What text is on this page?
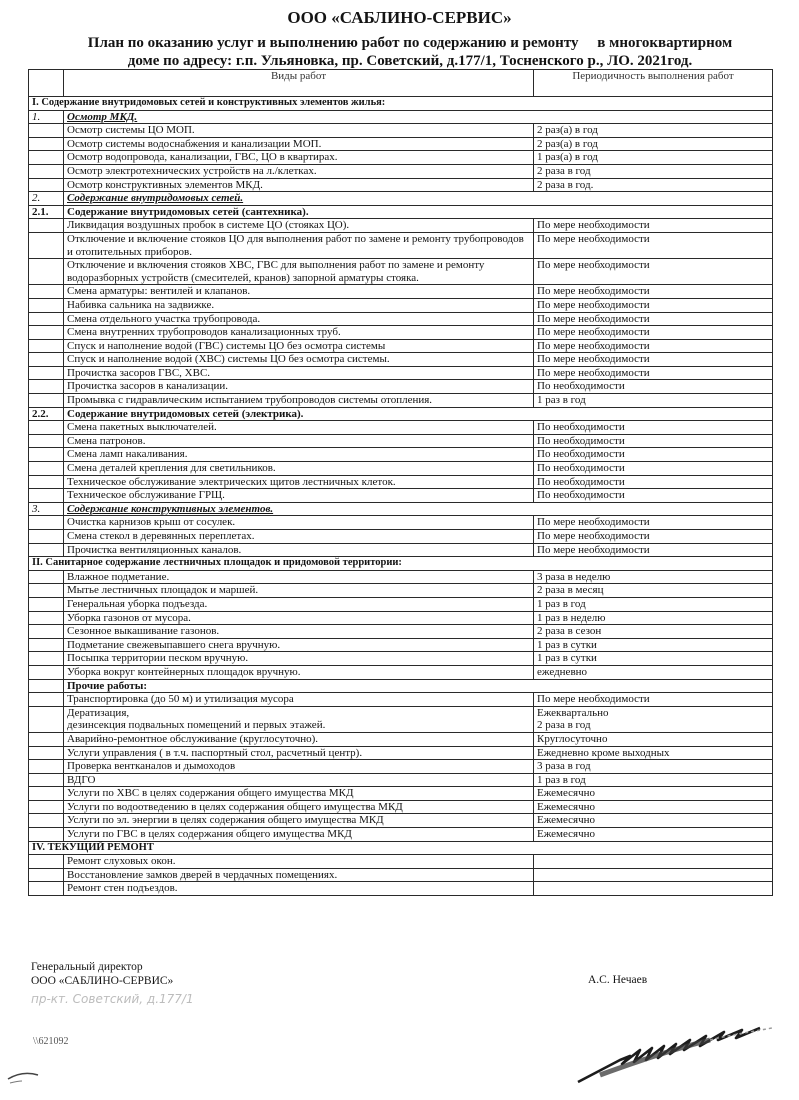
ООО «САБЛИНО-СЕРВИС»
План по оказанию услуг и выполнению работ по содержанию и ремонту     в многоквартирном
доме по адресу: г.п. Ульяновка, пр. Советский, д.177/1, Тосненского р., ЛО. 2021год.
	Виды работ	Периодичность выполнения работ
I. Содержание внутридомовых сетей и конструктивных элементов жилья:		
1.	Осмотр МКД.	
	Осмотр системы ЦО МОП.	2 раз(а) в год
	Осмотр системы водоснабжения и канализации МОП.	2 раз(а) в год
	Осмотр водопровода, канализации, ГВС, ЦО в квартирах.	1 раз(а) в год
	Осмотр электротехнических устройств на л./клетках.	2 раза в год
	Осмотр конструктивных элементов МКД.	2 раза в год.
2.	Содержание внутридомовых сетей.	
2.1.	Содержание внутридомовых сетей (сантехника).	
	Ликвидация воздушных пробок в системе ЦО (стояках ЦО).	По мере необходимости
	Отключение и включение стояков ЦО для выполнения работ по замене и ремонту трубопроводов и отопительных приборов.	По мере необходимости
	Отключение и включения стояков ХВС, ГВС для выполнения работ по замене и ремонту водоразборных устройств (смесителей, кранов) запорной арматуры стояка.	По мере необходимости
	Смена арматуры: вентилей и клапанов.	По мере необходимости
	Набивка сальника на задвижке.	По мере необходимости
	Смена отдельного участка трубопровода.	По мере необходимости
	Смена внутренних трубопроводов канализационных труб.	По мере необходимости
	Спуск и наполнение водой (ГВС) системы ЦО без осмотра системы	По мере необходимости
	Спуск и наполнение водой (ХВС) системы ЦО без осмотра системы.	По мере необходимости
	Прочистка засоров ГВС, ХВС.	По мере необходимости
	Прочистка засоров в канализации.	По необходимости
	Промывка с гидравлическим испытанием трубопроводов системы отопления.	1 раз в год
2.2.	Содержание внутридомовых сетей (электрика).	
	Смена пакетных выключателей.	По необходимости
	Смена патронов.	По необходимости
	Смена ламп накаливания.	По необходимости
	Смена деталей крепления для светильников.	По необходимости
	Техническое обслуживание электрических щитов лестничных клеток.	По необходимости
	Техническое обслуживание ГРЩ.	По необходимости
3.	Содержание конструктивных элементов.	
	Очистка карнизов крыш от сосулек.	По мере необходимости
	Смена стекол в деревянных переплетах.	По мере необходимости
	Прочистка вентиляционных каналов.	По мере необходимости
II. Санитарное содержание лестничных площадок и придомовой территории:		
	Влажное подметание.	3 раза в неделю
	Мытье лестничных площадок и маршей.	2 раза в месяц
	Генеральная уборка подъезда.	1 раз в год
	Уборка газонов от мусора.	1 раз в неделю
	Сезонное выкашивание газонов.	2 раза в сезон
	Подметание свежевыпавшего снега вручную.	1 раз в сутки
	Посыпка территории песком вручную.	1 раз в сутки
	Уборка вокруг контейнерных площадок вручную.	ежедневно
	Прочие работы:	
	Транспортировка (до 50 м) и утилизация мусора	По мере необходимости
	Дератизация,
дезинсекция подвальных помещений и первых этажей.	Ежеквартально
2 раза в год
	Аварийно-ремонтное обслуживание (круглосуточно).	Круглосуточно
	Услуги управления ( в т.ч. паспортный стол, расчетный центр).	Ежедневно кроме выходных
	Проверка вентканалов и дымоходов	3 раза в год
	ВДГО	1 раз в год
	Услуги по ХВС в целях содержания общего имущества МКД	Ежемесячно
	Услуги по водоотведению в целях содержания общего имущества МКД	Ежемесячно
	Услуги по эл. энергии в целях содержания общего имущества МКД	Ежемесячно
	Услуги по ГВС в целях содержания общего имущества МКД	Ежемесячно
IV. ТЕКУЩИЙ РЕМОНТ		
	Ремонт слуховых окон.	
	Восстановление замков дверей в чердачных помещениях.	
	Ремонт стен подъездов.	
Генеральный директор
ООО «САБЛИНО-СЕРВИС»	А.С. Нечаев
пр-кт. Советский, д.177/1
\\621092
